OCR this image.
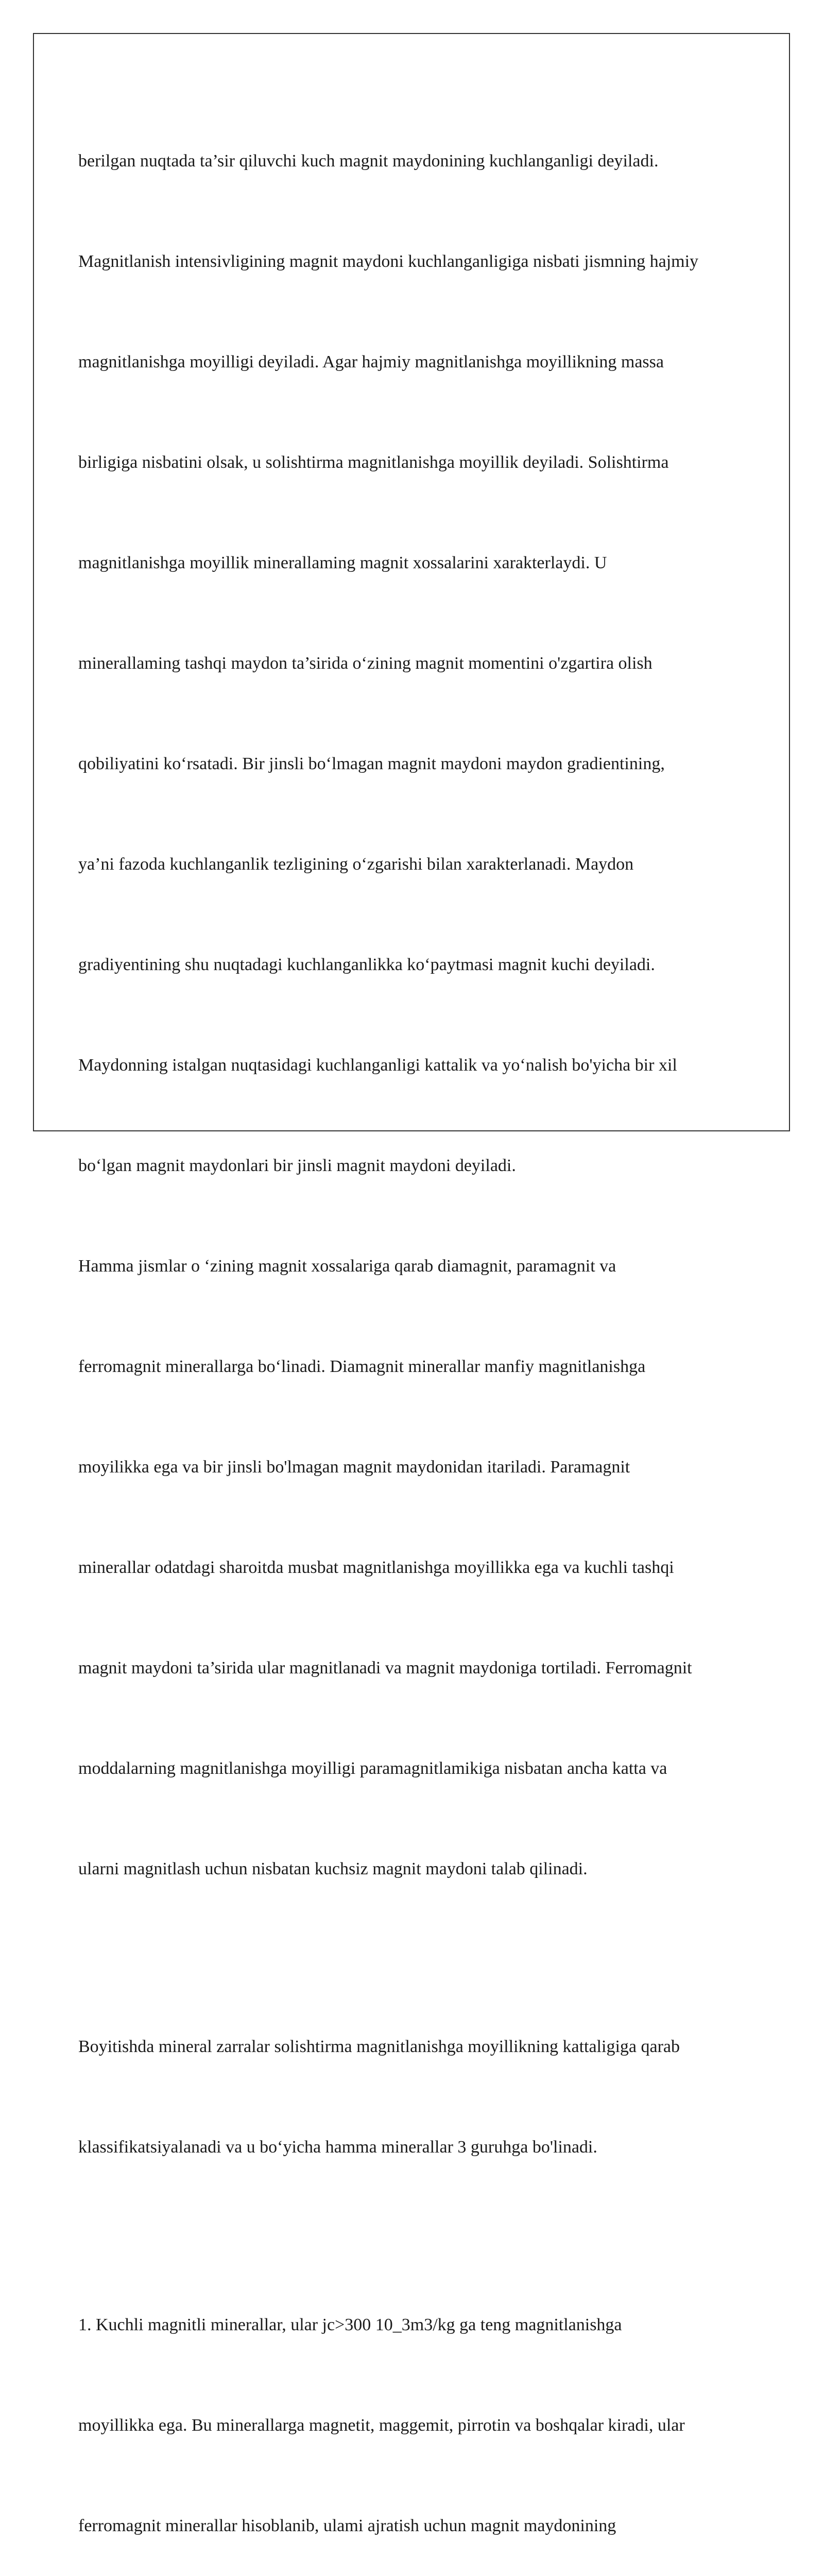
berilgan nuqtada ta’sir qiluvchi kuch magnit maydonining kuchlanganligi deyiladi.

Magnitlanish intensivligining magnit maydoni kuchlanganligiga nisbati jismning hajmiy

magnitlanishga moyilligi deyiladi. Agar hajmiy magnitlanishga moyillikning massa

birligiga nisbatini olsak, u solishtirma magnitlanishga moyillik deyiladi. Solishtirma

magnitlanishga moyillik minerallaming magnit xossalarini xarakterlaydi. U

minerallaming tashqi maydon ta’sirida o‘zining magnit momentini o'zgartira olish

qobiliyatini ko‘rsatadi. Bir jinsli bo‘lmagan magnit maydoni maydon gradientining,

ya’ni fazoda kuchlanganlik tezligining o‘zgarishi bilan xarakterlanadi. Maydon

gradiyentining shu nuqtadagi kuchlanganlikka ko‘paytmasi magnit kuchi deyiladi.

Maydonning istalgan nuqtasidagi kuchlanganligi kattalik va yo‘nalish bo'yicha bir xil

bo‘lgan magnit maydonlari bir jinsli magnit maydoni deyiladi.

Hamma jismlar o ‘zining magnit xossalariga qarab diamagnit, paramagnit va

ferromagnit minerallarga bo‘linadi. Diamagnit minerallar manfiy magnitlanishga

moyilikka ega va bir jinsli bo'lmagan magnit maydonidan itariladi. Paramagnit

minerallar odatdagi sharoitda musbat magnitlanishga moyillikka ega va kuchli tashqi

magnit maydoni ta’sirida ular magnitlanadi va magnit maydoniga tortiladi. Ferromagnit

moddalarning magnitlanishga moyilligi paramagnitlamikiga nisbatan ancha katta va

ularni magnitlash uchun nisbatan kuchsiz magnit maydoni talab qilinadi.

Boyitishda mineral zarralar solishtirma magnitlanishga moyillikning kattaligiga qarab

klassifikatsiyalanadi va u bo‘yicha hamma minerallar 3 guruhga bo'linadi.

1. Kuchli magnitli minerallar, ular jc>300 10_3m3/kg ga teng magnitlanishga

moyillikka ega. Bu minerallarga magnetit, maggemit, pirrotin va boshqalar kiradi, ular

ferromagnit minerallar hisoblanib, ulami ajratish uchun magnit maydonining
